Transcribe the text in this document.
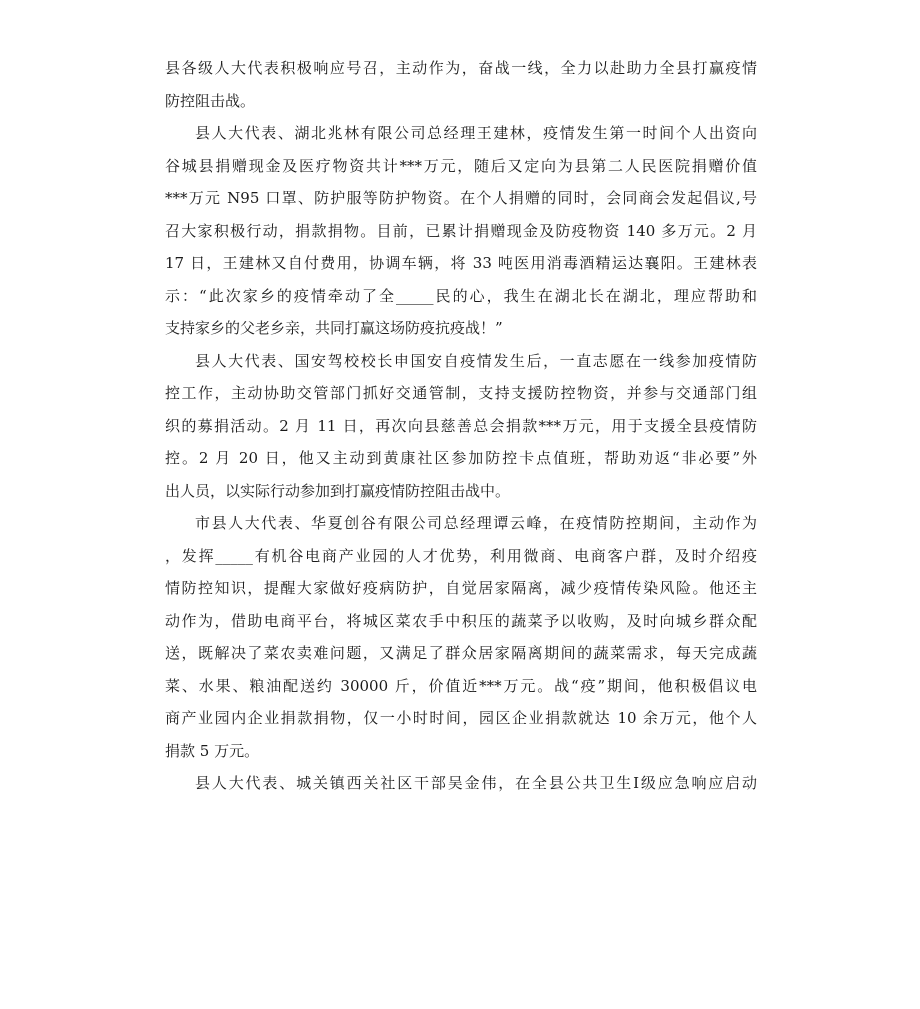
县各级人大代表积极响应号召，主动作为，奋战一线，全力以赴助力全县打赢疫情
防控阻击战。
县人大代表、湖北兆林有限公司总经理王建林，疫情发生第一时间个人出资向
谷城县捐赠现金及医疗物资共计***万元，随后又定向为县第二人民医院捐赠价值
***万元 N95 口罩、防护服等防护物资。在个人捐赠的同时，会同商会发起倡议,号
召大家积极行动，捐款捐物。目前，已累计捐赠现金及防疫物资 140 多万元。2 月
17 日，王建林又自付费用，协调车辆，将 33 吨医用消毒酒精运达襄阳。王建林表
示：“此次家乡的疫情牵动了全_____民的心，我生在湖北长在湖北，理应帮助和
支持家乡的父老乡亲，共同打赢这场防疫抗疫战！”
县人大代表、国安驾校校长申国安自疫情发生后，一直志愿在一线参加疫情防
控工作，主动协助交管部门抓好交通管制，支持支援防控物资，并参与交通部门组
织的募捐活动。2 月 11 日，再次向县慈善总会捐款***万元，用于支援全县疫情防
控。2 月 20 日，他又主动到黄康社区参加防控卡点值班，帮助劝返“非必要”外
出人员，以实际行动参加到打赢疫情防控阻击战中。
市县人大代表、华夏创谷有限公司总经理谭云峰，在疫情防控期间，主动作为
，发挥_____有机谷电商产业园的人才优势，利用微商、电商客户群，及时介绍疫
情防控知识，提醒大家做好疫病防护，自觉居家隔离，减少疫情传染风险。他还主
动作为，借助电商平台，将城区菜农手中积压的蔬菜予以收购，及时向城乡群众配
送，既解决了菜农卖难问题，又满足了群众居家隔离期间的蔬菜需求，每天完成蔬
菜、水果、粮油配送约 30000 斤，价值近***万元。战“疫”期间，他积极倡议电
商产业园内企业捐款捐物，仅一小时时间，园区企业捐款就达 10 余万元，他个人
捐款 5 万元。
县人大代表、城关镇西关社区干部吴金伟，在全县公共卫生Ⅰ级应急响应启动
